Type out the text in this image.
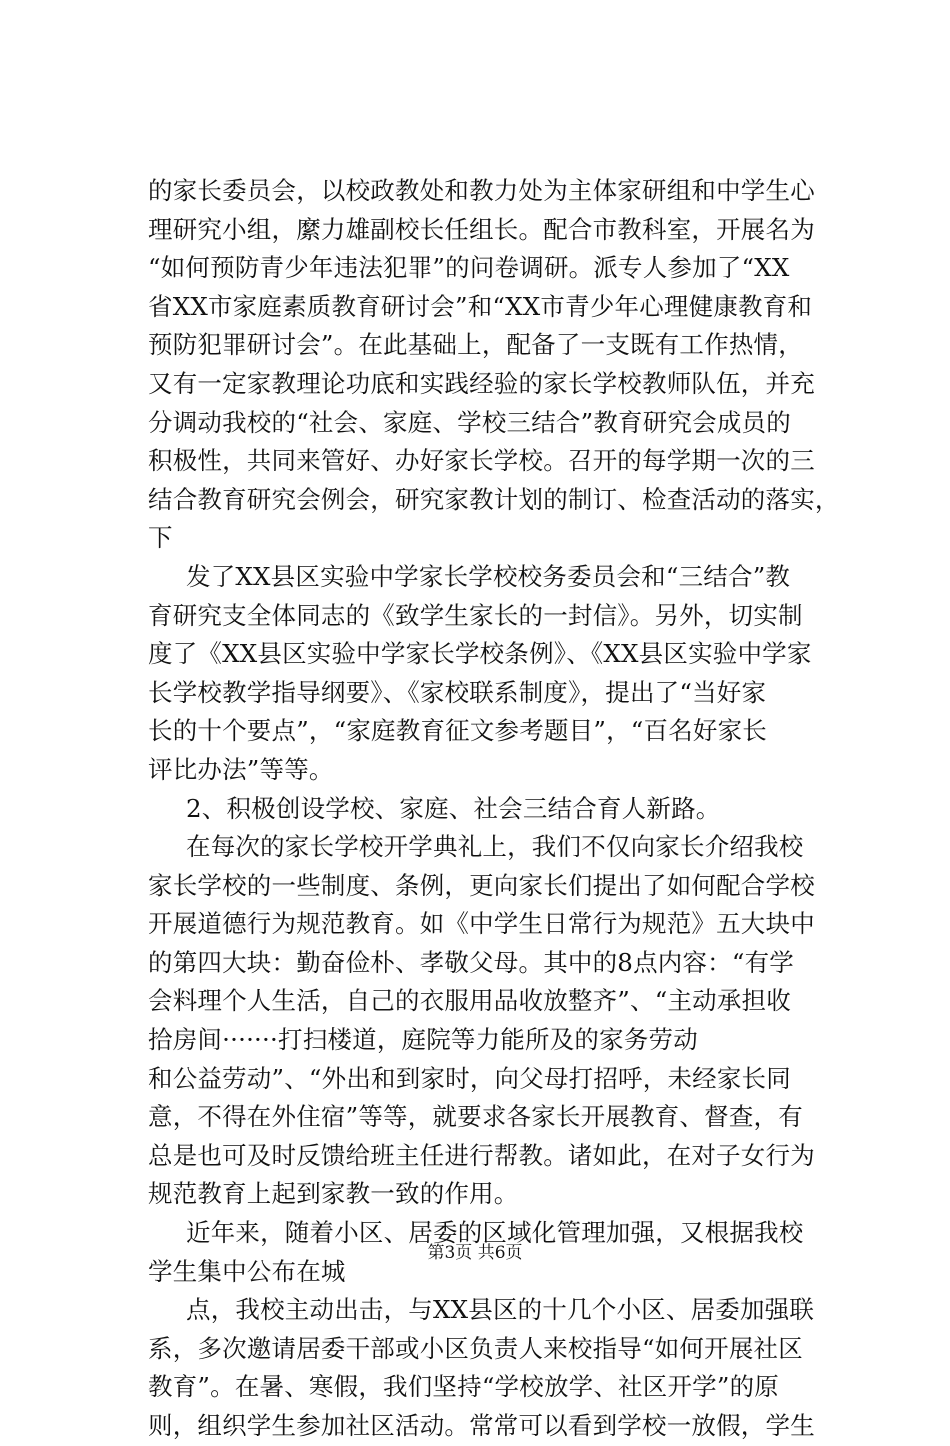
的家长委员会，以校政教处和教力处为主体家研组和中学生心
理研究小组，縻力雄副校长任组长。配合市教科室，开展名为
“如何预防青少年违法犯罪”的问卷调研。派专人参加了“XX
省XX市家庭素质教育研讨会”和“XX市青少年心理健康教育和
预防犯罪研讨会”。在此基础上，配备了一支既有工作热情，
又有一定家教理论功底和实践经验的家长学校教师队伍，并充
分调动我校的“社会、家庭、学校三结合”教育研究会成员的
积极性，共同来管好、办好家长学校。召开的每学期一次的三
结合教育研究会例会，研究家教计划的制订、检查活动的落实，
下
发了XX县区实验中学家长学校校务委员会和“三结合”教
育研究支全体同志的《致学生家长的一封信》。另外，切实制
度了《XX县区实验中学家长学校条例》、《XX县区实验中学家
长学校教学指导纲要》、《家校联系制度》，提出了“当好家
长的十个要点”，“家庭教育征文参考题目”，“百名好家长
评比办法”等等。
2、积极创设学校、家庭、社会三结合育人新路。
在每次的家长学校开学典礼上，我们不仅向家长介绍我校
家长学校的一些制度、条例，更向家长们提出了如何配合学校
开展道德行为规范教育。如《中学生日常行为规范》五大块中
的第四大块：勤奋俭朴、孝敬父母。其中的8点内容：“有学
会料理个人生活，自己的衣服用品收放整齐”、“主动承担收
拾房间·······打扫楼道，庭院等力能所及的家务劳动
和公益劳动”、“外出和到家时，向父母打招呼，未经家长同
意，不得在外住宿”等等，就要求各家长开展教育、督查，有
总是也可及时反馈给班主任进行帮教。诸如此，在对子女行为
规范教育上起到家教一致的作用。
近年来，随着小区、居委的区域化管理加强，又根据我校
学生集中公布在城
点，我校主动出击，与XX县区的十几个小区、居委加强联
系，多次邀请居委干部或小区负责人来校指导“如何开展社区
教育”。在暑、寒假，我们坚持“学校放学、社区开学”的原
则，组织学生参加社区活动。常常可以看到学校一放假，学生
第3页 共6页
